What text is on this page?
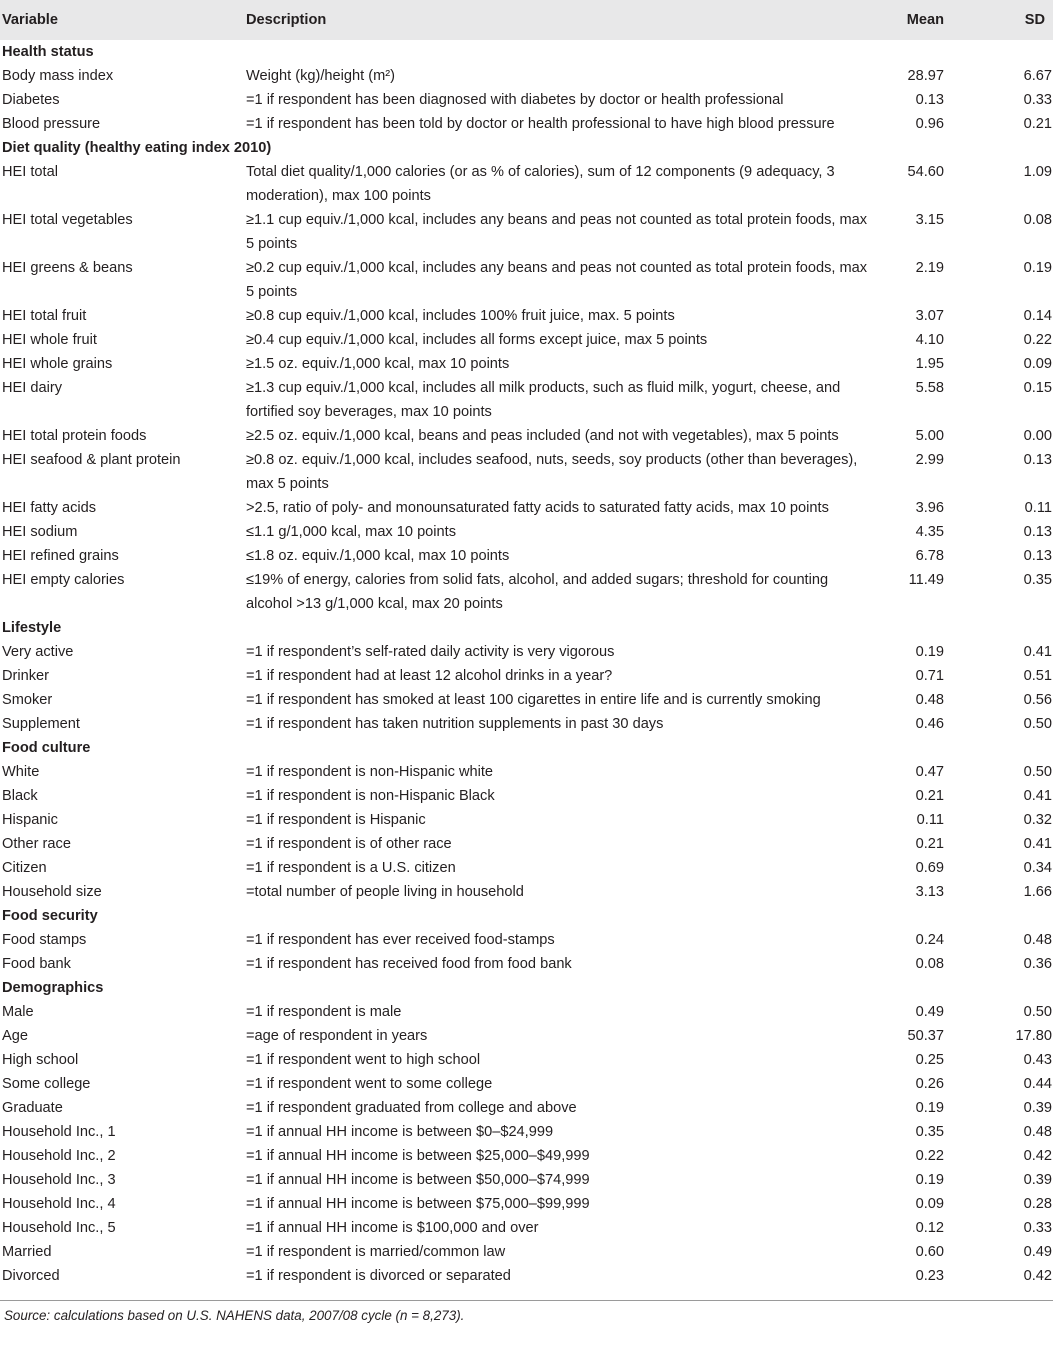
Variable	Description	Mean	SD
Health status			
Body mass index	Weight (kg)/height (m²)	28.97	6.67
Diabetes	=1 if respondent has been diagnosed with diabetes by doctor or health professional	0.13	0.33
Blood pressure	=1 if respondent has been told by doctor or health professional to have high blood pressure	0.96	0.21
Diet quality (healthy eating index 2010)			
HEI total	Total diet quality/1,000 calories (or as % of calories), sum of 12 components (9 adequacy, 3 moderation), max 100 points	54.60	1.09
HEI total vegetables	≥1.1 cup equiv./1,000 kcal, includes any beans and peas not counted as total protein foods, max 5 points	3.15	0.08
HEI greens & beans	≥0.2 cup equiv./1,000 kcal, includes any beans and peas not counted as total protein foods, max 5 points	2.19	0.19
HEI total fruit	≥0.8 cup equiv./1,000 kcal, includes 100% fruit juice, max. 5 points	3.07	0.14
HEI whole fruit	≥0.4 cup equiv./1,000 kcal, includes all forms except juice, max 5 points	4.10	0.22
HEI whole grains	≥1.5 oz. equiv./1,000 kcal, max 10 points	1.95	0.09
HEI dairy	≥1.3 cup equiv./1,000 kcal, includes all milk products, such as fluid milk, yogurt, cheese, and fortified soy beverages, max 10 points	5.58	0.15
HEI total protein foods	≥2.5 oz. equiv./1,000 kcal, beans and peas included (and not with vegetables), max 5 points	5.00	0.00
HEI seafood & plant protein	≥0.8 oz. equiv./1,000 kcal, includes seafood, nuts, seeds, soy products (other than beverages), max 5 points	2.99	0.13
HEI fatty acids	>2.5, ratio of poly- and monounsaturated fatty acids to saturated fatty acids, max 10 points	3.96	0.11
HEI sodium	≤1.1 g/1,000 kcal, max 10 points	4.35	0.13
HEI refined grains	≤1.8 oz. equiv./1,000 kcal, max 10 points	6.78	0.13
HEI empty calories	≤19% of energy, calories from solid fats, alcohol, and added sugars; threshold for counting alcohol >13 g/1,000 kcal, max 20 points	11.49	0.35
Lifestyle			
Very active	=1 if respondent’s self-rated daily activity is very vigorous	0.19	0.41
Drinker	=1 if respondent had at least 12 alcohol drinks in a year?	0.71	0.51
Smoker	=1 if respondent has smoked at least 100 cigarettes in entire life and is currently smoking	0.48	0.56
Supplement	=1 if respondent has taken nutrition supplements in past 30 days	0.46	0.50
Food culture			
White	=1 if respondent is non-Hispanic white	0.47	0.50
Black	=1 if respondent is non-Hispanic Black	0.21	0.41
Hispanic	=1 if respondent is Hispanic	0.11	0.32
Other race	=1 if respondent is of other race	0.21	0.41
Citizen	=1 if respondent is a U.S. citizen	0.69	0.34
Household size	=total number of people living in household	3.13	1.66
Food security			
Food stamps	=1 if respondent has ever received food-stamps	0.24	0.48
Food bank	=1 if respondent has received food from food bank	0.08	0.36
Demographics			
Male	=1 if respondent is male	0.49	0.50
Age	=age of respondent in years	50.37	17.80
High school	=1 if respondent went to high school	0.25	0.43
Some college	=1 if respondent went to some college	0.26	0.44
Graduate	=1 if respondent graduated from college and above	0.19	0.39
Household Inc., 1	=1 if annual HH income is between $0–$24,999	0.35	0.48
Household Inc., 2	=1 if annual HH income is between $25,000–$49,999	0.22	0.42
Household Inc., 3	=1 if annual HH income is between $50,000–$74,999	0.19	0.39
Household Inc., 4	=1 if annual HH income is between $75,000–$99,999	0.09	0.28
Household Inc., 5	=1 if annual HH income is $100,000 and over	0.12	0.33
Married	=1 if respondent is married/common law	0.60	0.49
Divorced	=1 if respondent is divorced or separated	0.23	0.42
Source: calculations based on U.S. NAHENS data, 2007/08 cycle (n = 8,273).
